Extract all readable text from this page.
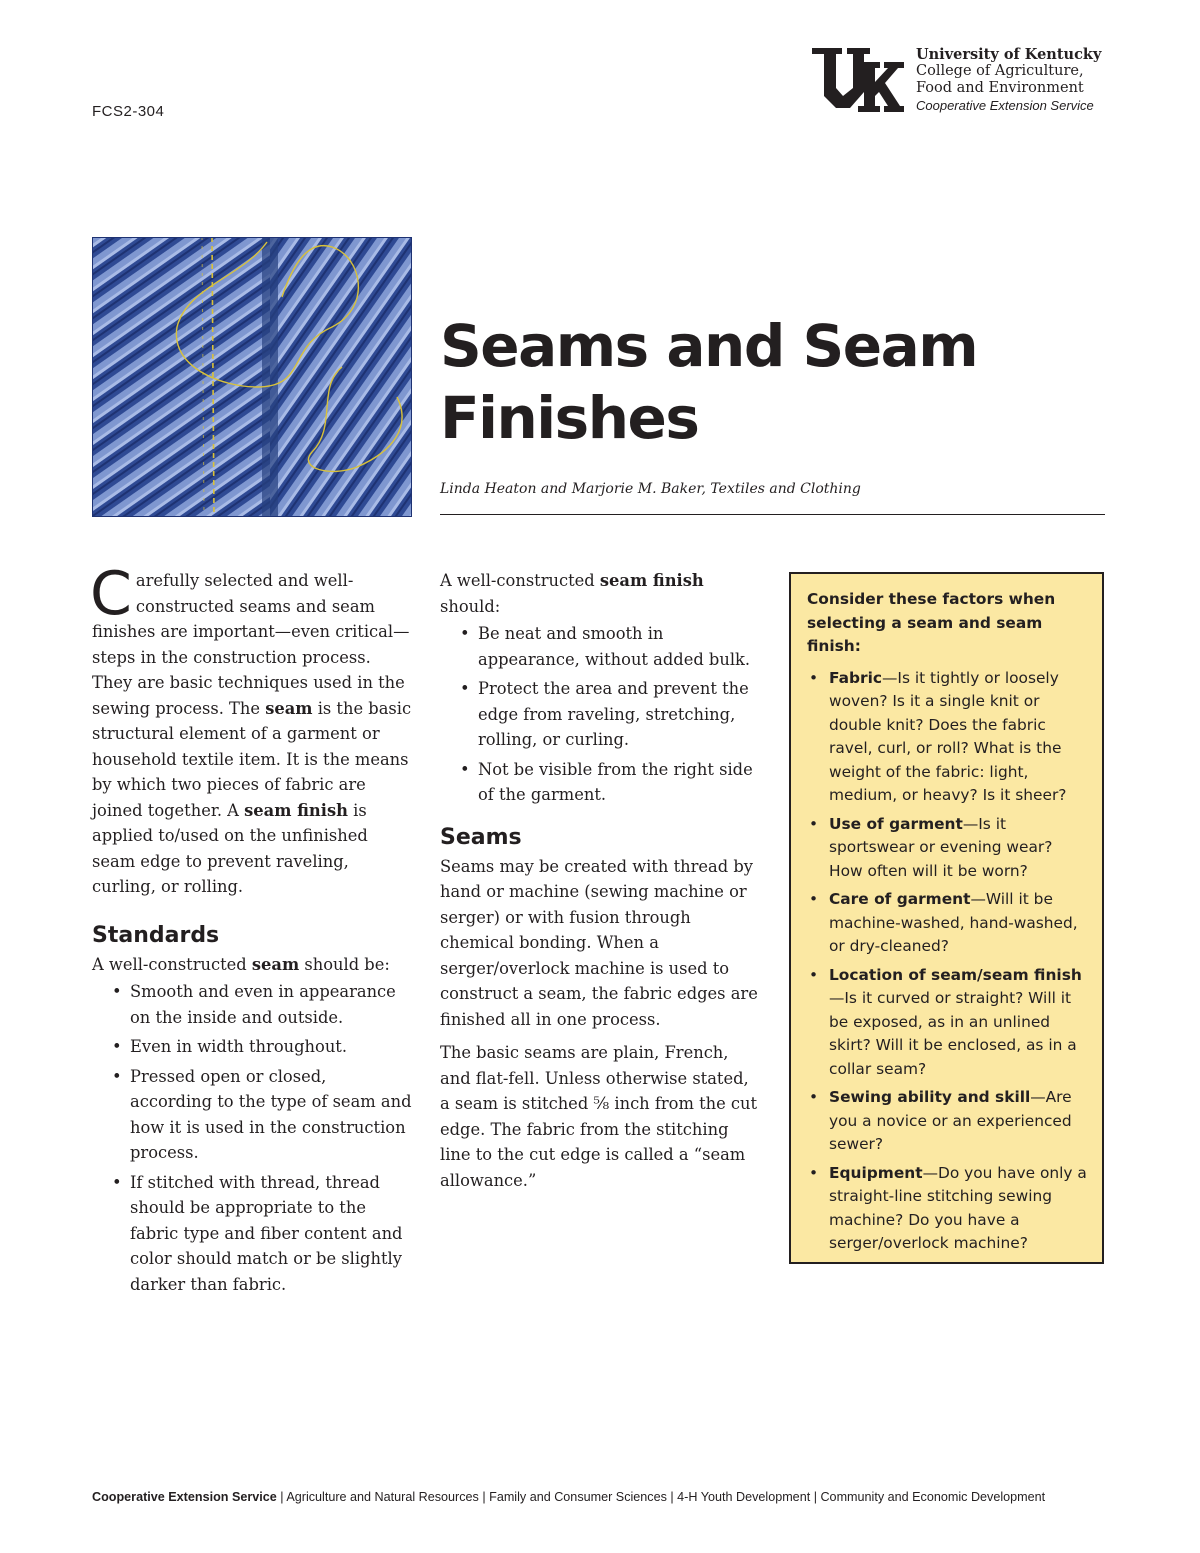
FCS2-304
University of Kentucky
College of Agriculture,
Food and Environment
Cooperative Extension Service
Seams and Seam Finishes
Linda Heaton and Marjorie M. Baker, Textiles and Clothing

Carefully selected and well-constructed seams and seam finishes are important—even critical—steps in the construction process. They are basic techniques used in the sewing process. The seam is the basic structural element of a garment or household textile item. It is the means by which two pieces of fabric are joined together. A seam finish is applied to/used on the unfinished seam edge to prevent raveling, curling, or rolling.

Standards

A well-constructed seam should be:

• Smooth and even in appearance on the inside and outside.
• Even in width throughout.
• Pressed open or closed, according to the type of seam and how it is used in the construction process.
• If stitched with thread, thread should be appropriate to the fabric type and fiber content and color should match or be slightly darker than fabric.

A well-constructed seam finish should:

• Be neat and smooth in appearance, without added bulk.
• Protect the area and prevent the edge from raveling, stretching, rolling, or curling.
• Not be visible from the right side of the garment.
Seams

Seams may be created with thread by hand or machine (sewing machine or serger) or with fusion through chemical bonding. When a serger/overlock machine is used to construct a seam, the fabric edges are finished all in one process.

The basic seams are plain, French, and flat-fell. Unless otherwise stated, a seam is stitched ⅝ inch from the cut edge. The fabric from the stitching line to the cut edge is called a “seam allowance.”

Consider these factors when selecting a seam and seam finish:
• Fabric—Is it tightly or loosely woven? Is it a single knit or double knit? Does the fabric ravel, curl, or roll? What is the weight of the fabric: light, medium, or heavy? Is it sheer?
• Use of garment—Is it sportswear or evening wear? How often will it be worn?
• Care of garment—Will it be machine-washed, hand-washed, or dry-cleaned?
• Location of seam/seam finish—Is it curved or straight? Will it be exposed, as in an unlined skirt? Will it be enclosed, as in a collar seam?
• Sewing ability and skill—Are you a novice or an experienced sewer?
• Equipment—Do you have only a straight-line stitching sewing machine? Do you have a serger/overlock machine?
Cooperative Extension Service | Agriculture and Natural Resources | Family and Consumer Sciences | 4-H Youth Development | Community and Economic Development
